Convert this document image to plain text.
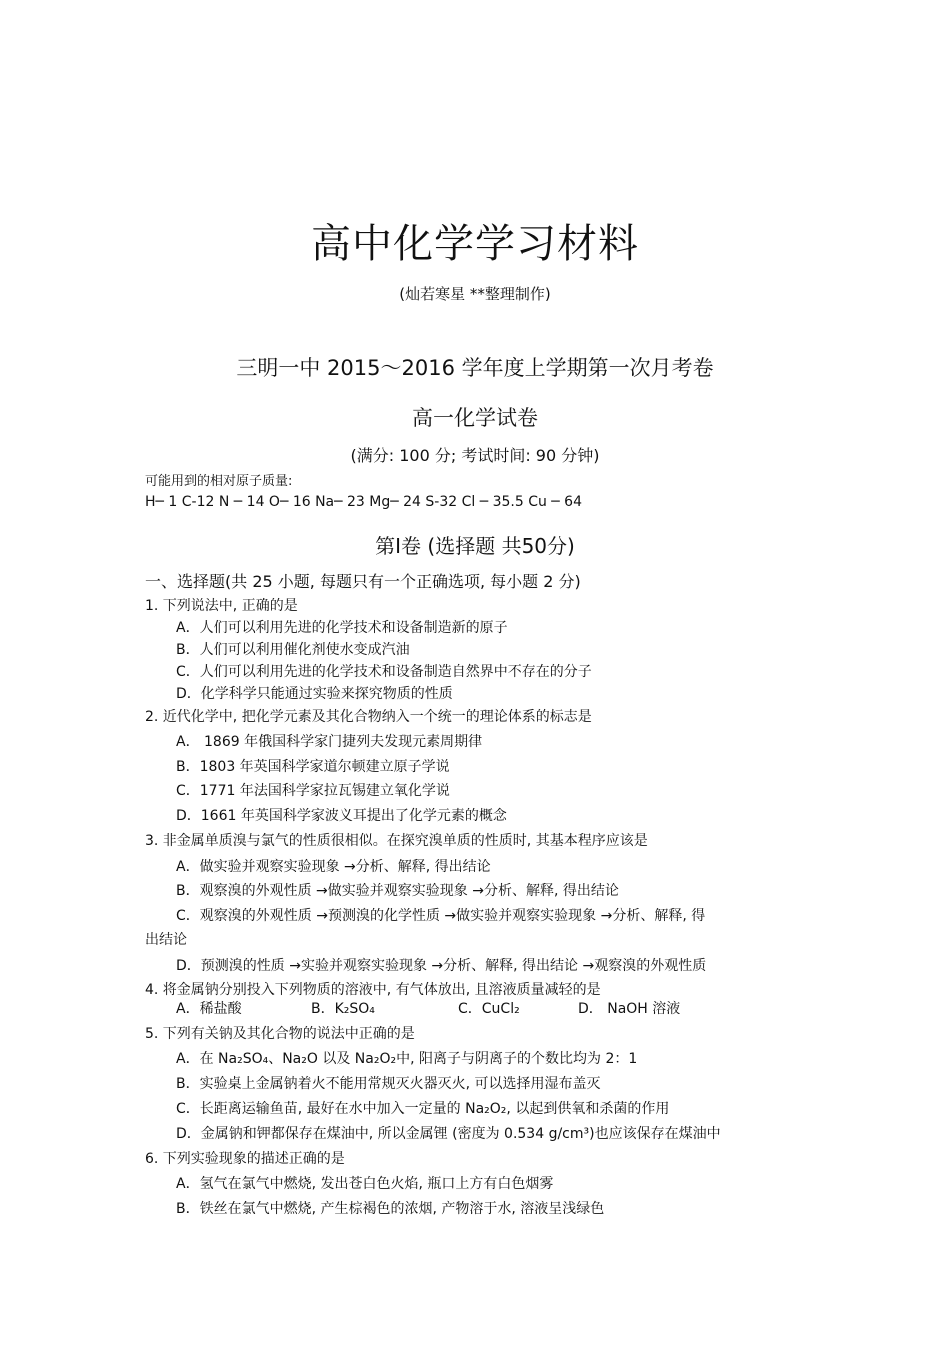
高中化学学习材料
(灿若寒星 **整理制作)
三明一中 2015～2016 学年度上学期第一次月考卷
高一化学试卷
(满分: 100 分; 考试时间: 90 分钟)
可能用到的相对原子质量:
H─ 1 C-12 N ─ 14 O─ 16 Na─ 23 Mg─ 24 S-32 Cl ─ 35.5 Cu ─ 64
第Ⅰ卷 (选择题 共50分)
一、选择题(共 25 小题, 每题只有一个正确选项, 每小题 2 分)
1. 下列说法中, 正确的是
A．人们可以利用先进的化学技术和设备制造新的原子
B．人们可以利用催化剂使水变成汽油
C．人们可以利用先进的化学技术和设备制造自然界中不存在的分子
D．化学科学只能通过实验来探究物质的性质
2. 近代化学中, 把化学元素及其化合物纳入一个统一的理论体系的标志是
A． 1869 年俄国科学家门捷列夫发现元素周期律
B．1803 年英国科学家道尔顿建立原子学说
C．1771 年法国科学家拉瓦锡建立氧化学说
D．1661 年英国科学家波义耳提出了化学元素的概念
3. 非金属单质溴与氯气的性质很相似。在探究溴单质的性质时, 其基本程序应该是
A．做实验并观察实验现象 →分析、解释, 得出结论
B．观察溴的外观性质 →做实验并观察实验现象 →分析、解释, 得出结论
C．观察溴的外观性质 →预测溴的化学性质 →做实验并观察实验现象 →分析、解释, 得
出结论
D．预测溴的性质 →实验并观察实验现象 →分析、解释, 得出结论 →观察溴的外观性质
4. 将金属钠分别投入下列物质的溶液中, 有气体放出, 且溶液质量减轻的是
A．稀盐酸	B．K₂SO₄	C．CuCl₂	D． NaOH 溶液
5. 下列有关钠及其化合物的说法中正确的是
A．在 Na₂SO₄、Na₂O 以及 Na₂O₂中, 阳离子与阴离子的个数比均为 2：1
B．实验桌上金属钠着火不能用常规灭火器灭火, 可以选择用湿布盖灭
C．长距离运输鱼苗, 最好在水中加入一定量的 Na₂O₂, 以起到供氧和杀菌的作用
D．金属钠和钾都保存在煤油中, 所以金属锂 (密度为 0.534 g/cm³)也应该保存在煤油中
6. 下列实验现象的描述正确的是
A．氢气在氯气中燃烧, 发出苍白色火焰, 瓶口上方有白色烟雾
B．铁丝在氯气中燃烧, 产生棕褐色的浓烟, 产物溶于水, 溶液呈浅绿色
